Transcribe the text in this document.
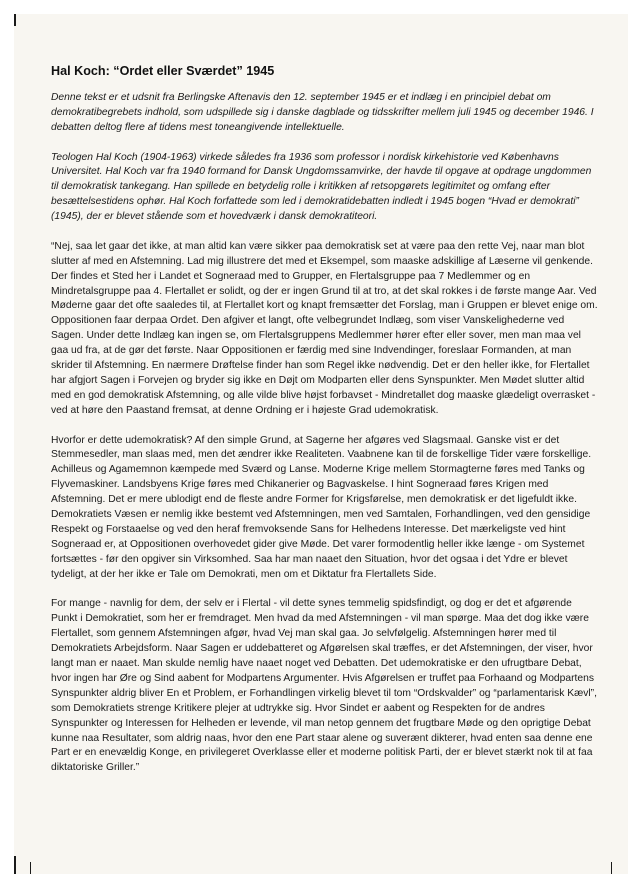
Hal Koch: “Ordet eller Sværdet” 1945

Denne tekst er et udsnit fra Berlingske Aftenavis den 12. september 1945 er et indlæg i en principiel debat om demokratibegrebets indhold, som udspillede sig i danske dagblade og tidsskrifter mellem juli 1945 og december 1946. I debatten deltog flere af tidens mest toneangivende intellektuelle.

Teologen Hal Koch (1904-1963) virkede således fra 1936 som professor i nordisk kirkehistorie ved Københavns Universitet. Hal Koch var fra 1940 formand for Dansk Ungdomssamvirke, der havde til opgave at opdrage ungdommen til demokratisk tankegang. Han spillede en betydelig rolle i kritikken af retsopgørets legitimitet og omfang efter besættelsestidens ophør. Hal Koch forfattede som led i demokratidebatten indledt i 1945 bogen “Hvad er demokrati” (1945), der er blevet stående som et hovedværk i dansk demokratiteori.

“Nej, saa let gaar det ikke, at man altid kan være sikker paa demokratisk set at være paa den rette Vej, naar man blot slutter af med en Afstemning. Lad mig illustrere det med et Eksempel, som maaske adskillige af Læserne vil genkende. Der findes et Sted her i Landet et Sogneraad med to Grupper, en Flertalsgruppe paa 7 Medlemmer og en Mindretalsgruppe paa 4. Flertallet er solidt, og der er ingen Grund til at tro, at det skal rokkes i de første mange Aar. Ved Møderne gaar det ofte saaledes til, at Flertallet kort og knapt fremsætter det Forslag, man i Gruppen er blevet enige om. Oppositionen faar derpaa Ordet. Den afgiver et langt, ofte velbegrundet Indlæg, som viser Vanskelighederne ved Sagen. Under dette Indlæg kan ingen se, om Flertalsgruppens Medlemmer hører efter eller sover, men man maa vel gaa ud fra, at de gør det første. Naar Oppositionen er færdig med sine Indvendinger, foreslaar Formanden, at man skrider til Afstemning. En nærmere Drøftelse finder han som Regel ikke nødvendig. Det er den heller ikke, for Flertallet har afgjort Sagen i Forvejen og bryder sig ikke en Døjt om Modparten eller dens Synspunkter. Men Mødet slutter altid med en god demokratisk Afstemning, og alle vilde blive højst forbavset - Mindretallet dog maaske glædeligt overrasket - ved at høre den Paastand fremsat, at denne Ordning er i højeste Grad udemokratisk.

Hvorfor er dette udemokratisk? Af den simple Grund, at Sagerne her afgøres ved Slagsmaal. Ganske vist er det Stemmesedler, man slaas med, men det ændrer ikke Realiteten. Vaabnene kan til de forskellige Tider være forskellige. Achilleus og Agamemnon kæmpede med Sværd og Lanse. Moderne Krige mellem Stormagterne føres med Tanks og Flyvemaskiner. Landsbyens Krige føres med Chikanerier og Bagvaskelse. I hint Sogneraad føres Krigen med Afstemning. Det er mere ublodigt end de fleste andre Former for Krigsførelse, men demokratisk er det ligefuldt ikke. Demokratiets Væsen er nemlig ikke bestemt ved Afstemningen, men ved Samtalen, Forhandlingen, ved den gensidige Respekt og Forstaaelse og ved den heraf fremvoksende Sans for Helhedens Interesse. Det mærkeligste ved hint Sogneraad er, at Oppositionen overhovedet gider give Møde. Det varer formodentlig heller ikke længe - om Systemet fortsættes - før den opgiver sin Virksomhed. Saa har man naaet den Situation, hvor det ogsaa i det Ydre er blevet tydeligt, at der her ikke er Tale om Demokrati, men om et Diktatur fra Flertallets Side.

For mange - navnlig for dem, der selv er i Flertal - vil dette synes temmelig spidsfindigt, og dog er det et afgørende Punkt i Demokratiet, som her er fremdraget. Men hvad da med Afstemningen - vil man spørge. Maa det dog ikke være Flertallet, som gennem Afstemningen afgør, hvad Vej man skal gaa. Jo selvfølgelig. Afstemningen hører med til Demokratiets Arbejdsform. Naar Sagen er uddebatteret og Afgørelsen skal træffes, er det Afstemningen, der viser, hvor langt man er naaet. Man skulde nemlig have naaet noget ved Debatten. Det udemokratiske er den ufrugtbare Debat, hvor ingen har Øre og Sind aabent for Modpartens Argumenter. Hvis Afgørelsen er truffet paa Forhaand og Modpartens Synspunkter aldrig bliver En et Problem, er Forhandlingen virkelig blevet til tom “Ordskvalder” og “parlamentarisk Kævl”, som Demokratiets strenge Kritikere plejer at udtrykke sig. Hvor Sindet er aabent og Respekten for de andres Synspunkter og Interessen for Helheden er levende, vil man netop gennem det frugtbare Møde og den oprigtige Debat kunne naa Resultater, som aldrig naas, hvor den ene Part staar alene og suverænt dikterer, hvad enten saa denne ene Part er en enevældig Konge, en privilegeret Overklasse eller et moderne politisk Parti, der er blevet stærkt nok til at faa diktatoriske Griller.”
